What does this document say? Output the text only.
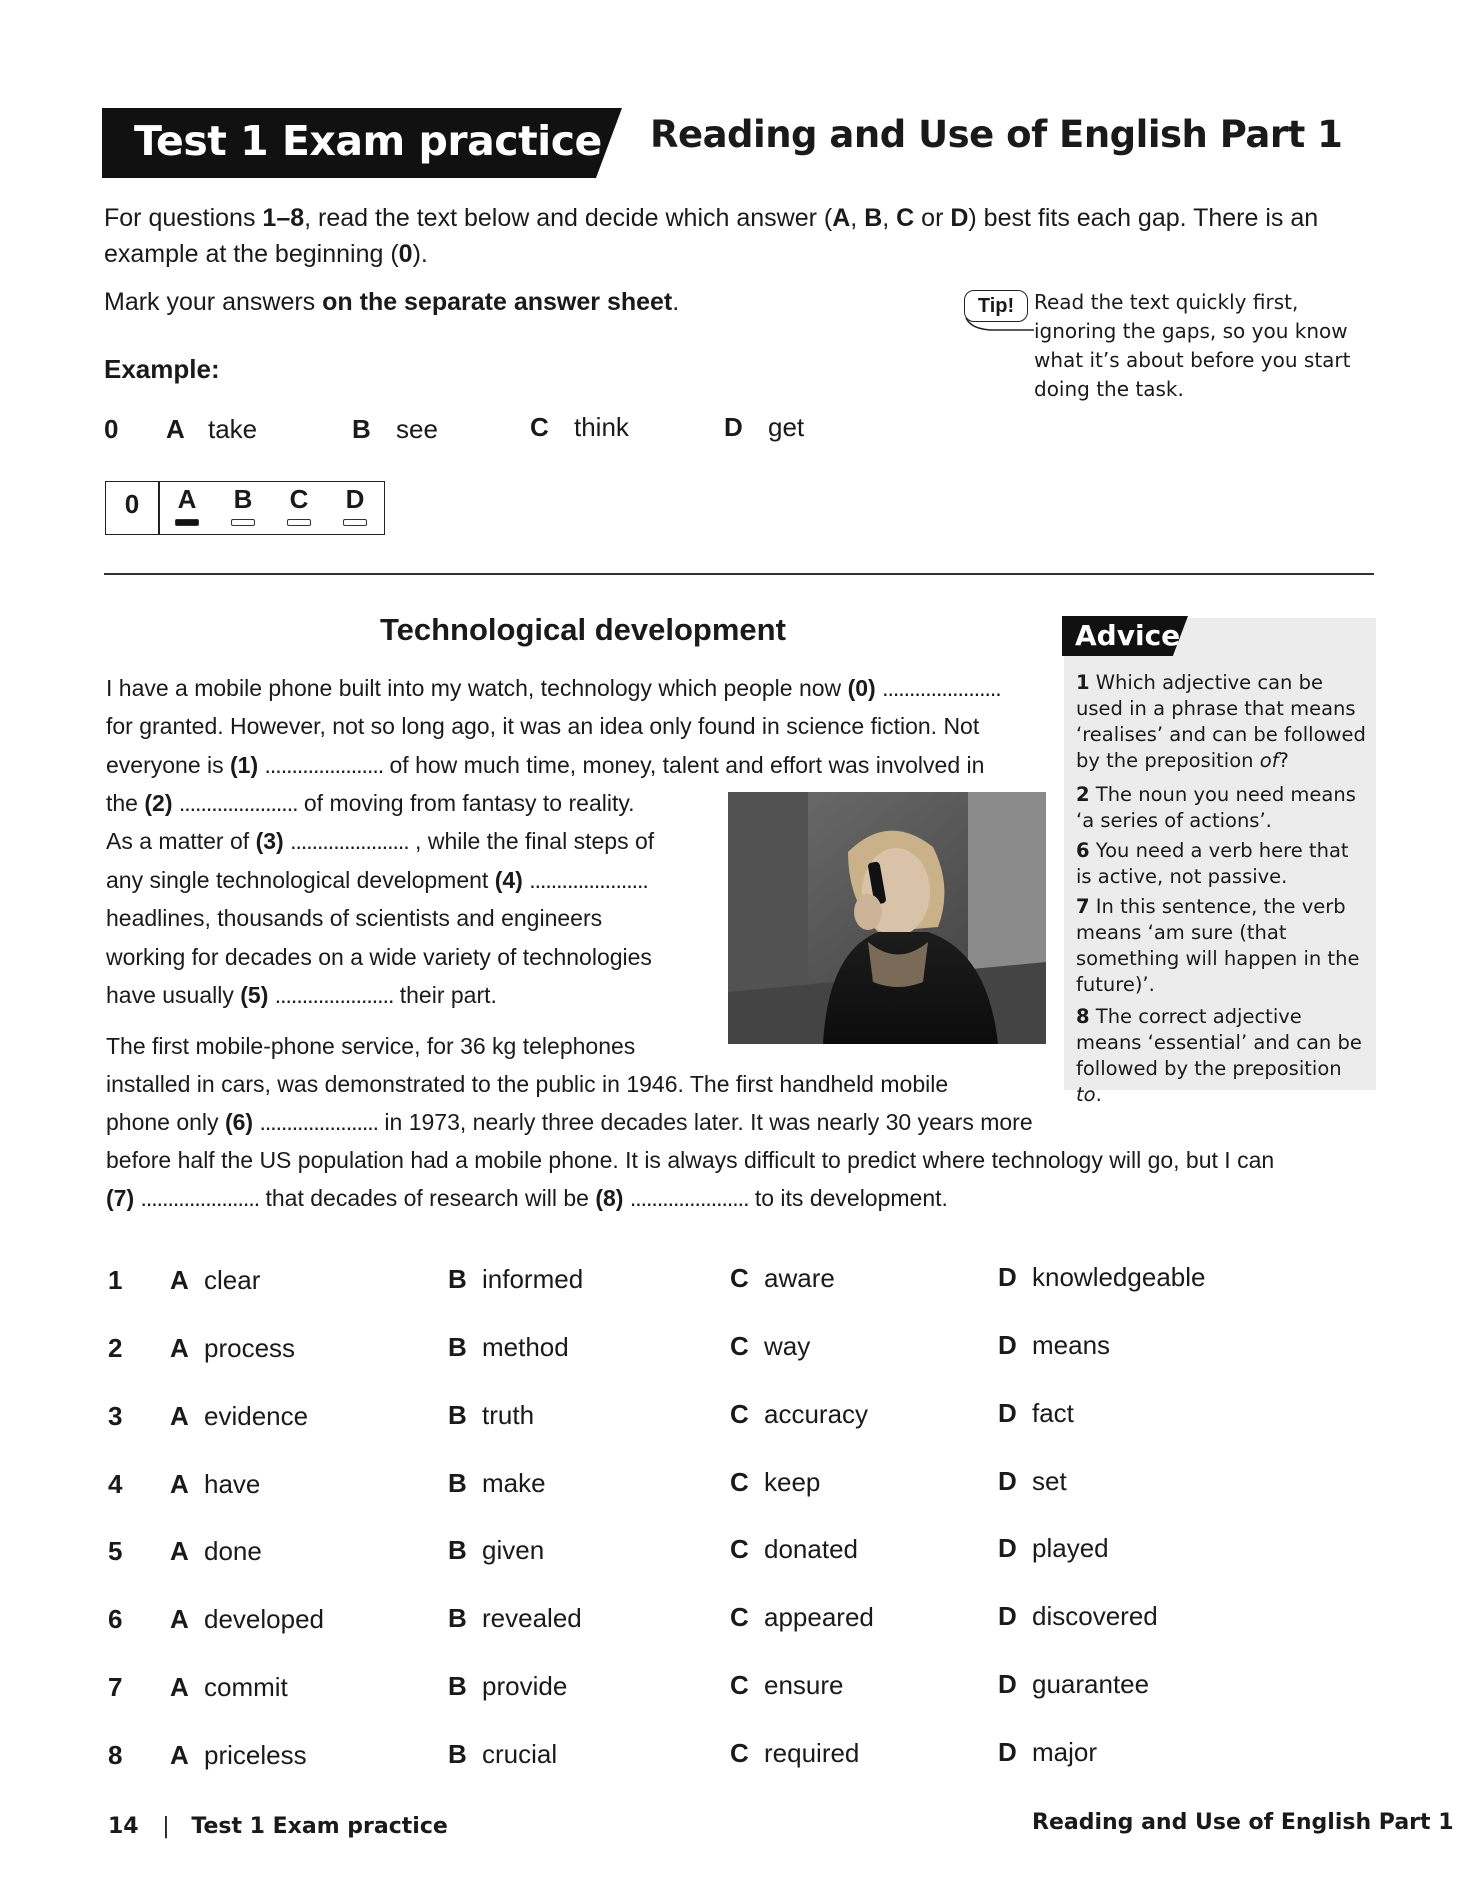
Test 1 Exam practice Reading and Use of English Part 1
For questions 1–8, read the text below and decide which answer (A, B, C or D) best fits each gap. There is an example at the beginning (0).
Mark your answers on the separate answer sheet.	Tip! Read the text quickly first, ignoring the gaps, so you know what it’s about before you start doing the task.
Example:
0 A take	B see	C think	D get
0	A B C D
Technological development
I have a mobile phone built into my watch, technology which people now (0) ......................
for granted. However, not so long ago, it was an idea only found in science fiction. Not
everyone is (1) ...................... of how much time, money, talent and effort was involved in
the (2) ...................... of moving from fantasy to reality.
As a matter of (3) ...................... , while the final steps of
any single technological development (4) ......................
headlines, thousands of scientists and engineers
working for decades on a wide variety of technologies
have usually (5) ...................... their part.
The first mobile-phone service, for 36 kg telephones
installed in cars, was demonstrated to the public in 1946. The first handheld mobile
phone only (6) ...................... in 1973, nearly three decades later. It was nearly 30 years more
before half the US population had a mobile phone. It is always difficult to predict where technology will go, but I can
(7) ...................... that decades of research will be (8) ...................... to its development.
Advice
1 Which adjective can be used in a phrase that means ‘realises’ and can be followed by the preposition of?
2 The noun you need means ‘a series of actions’.
6 You need a verb here that is active, not passive.
7 In this sentence, the verb means ‘am sure (that something will happen in the future)’.
8 The correct adjective means ‘essential’ and can be followed by the preposition to.
1 A clear	B informed	C aware	D knowledgeable
2 A process	B method	C way	D means
3 A evidence	B truth	C accuracy	D fact
4 A have	B make	C keep	D set
5 A done	B given	C donated	D played
6 A developed	B revealed	C appeared	D discovered
7 A commit	B provide	C ensure	D guarantee
8 A priceless	B crucial	C required	D major
14 | Test 1 Exam practice	Reading and Use of English Part 1
